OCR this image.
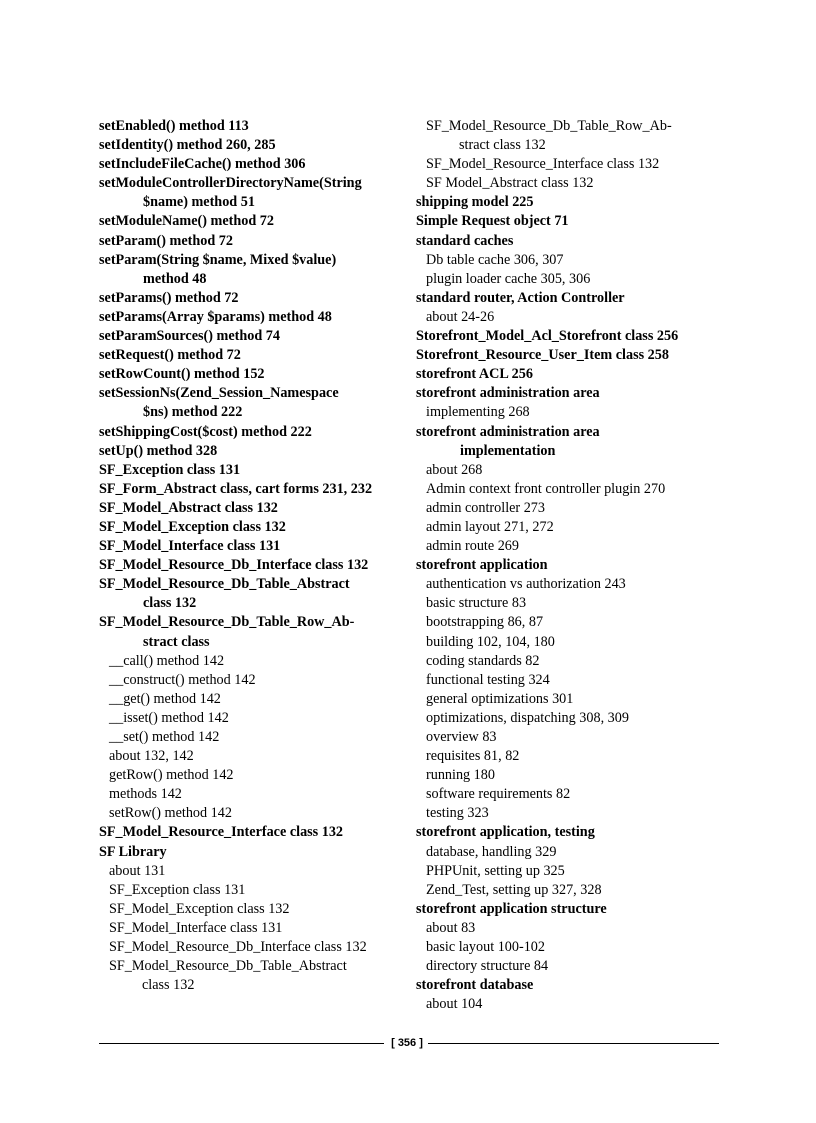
setEnabled() method 113
setIdentity() method 260, 285
setIncludeFileCache() method 306
setModuleControllerDirectoryName(String
$name) method 51
setModuleName() method 72
setParam() method 72
setParam(String $name, Mixed $value)
method 48
setParams() method 72
setParams(Array $params) method 48
setParamSources() method 74
setRequest() method 72
setRowCount() method 152
setSessionNs(Zend_Session_Namespace
$ns) method 222
setShippingCost($cost) method 222
setUp() method 328
SF_Exception class 131
SF_Form_Abstract class, cart forms 231, 232
SF_Model_Abstract class 132
SF_Model_Exception class 132
SF_Model_Interface class 131
SF_Model_Resource_Db_Interface class 132
SF_Model_Resource_Db_Table_Abstract
class 132
SF_Model_Resource_Db_Table_Row_Ab-
stract class
__call() method 142
__construct() method 142
__get() method 142
__isset() method 142
__set() method 142
about 132, 142
getRow() method 142
methods 142
setRow() method 142
SF_Model_Resource_Interface class 132
SF Library
about 131
SF_Exception class 131
SF_Model_Exception class 132
SF_Model_Interface class 131
SF_Model_Resource_Db_Interface class 132
SF_Model_Resource_Db_Table_Abstract
class 132
SF_Model_Resource_Db_Table_Row_Ab-
stract class 132
SF_Model_Resource_Interface class 132
SF Model_Abstract class 132
shipping model 225
Simple Request object 71
standard caches
Db table cache 306, 307
plugin loader cache 305, 306
standard router, Action Controller
about 24-26
Storefront_Model_Acl_Storefront class 256
Storefront_Resource_User_Item class 258
storefront ACL 256
storefront administration area
implementing 268
storefront administration area
implementation
about 268
Admin context front controller plugin 270
admin controller 273
admin layout 271, 272
admin route 269
storefront application
authentication vs authorization 243
basic structure 83
bootstrapping 86, 87
building 102, 104, 180
coding standards 82
functional testing 324
general optimizations 301
optimizations, dispatching 308, 309
overview 83
requisites 81, 82
running 180
software requirements 82
testing 323
storefront application, testing
database, handling 329
PHPUnit, setting up 325
Zend_Test, setting up 327, 328
storefront application structure
about 83
basic layout 100-102
directory structure 84
storefront database
about 104
[ 356 ]
